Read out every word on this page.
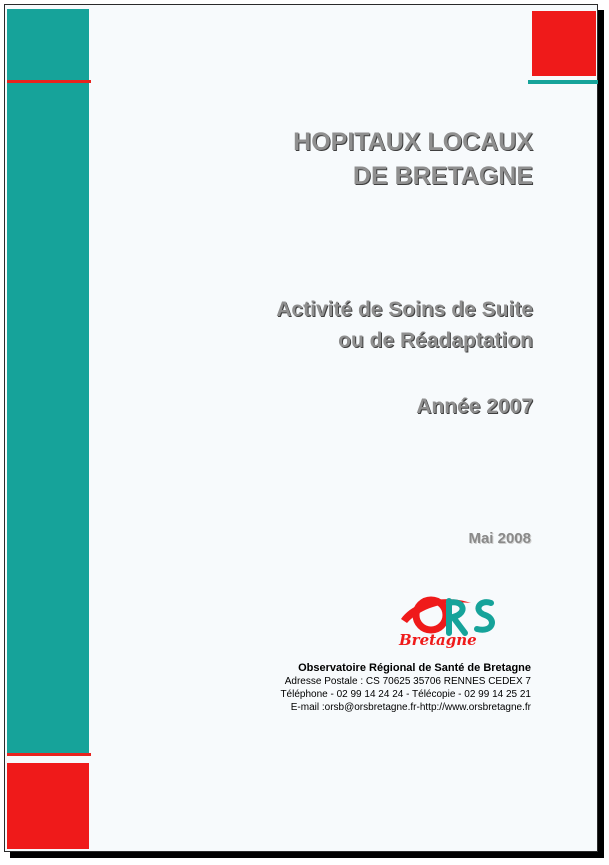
HOPITAUX LOCAUX
DE BRETAGNE
Activité de Soins de Suite
ou de Réadaptation
Année 2007
Mai 2008
Bretagne
Observatoire Régional de Santé de Bretagne
Adresse Postale : CS 70625 35706 RENNES CEDEX 7
Téléphone - 02 99 14 24 24 - Télécopie - 02 99 14 25 21
E-mail :orsb@orsbretagne.fr-http://www.orsbretagne.fr
